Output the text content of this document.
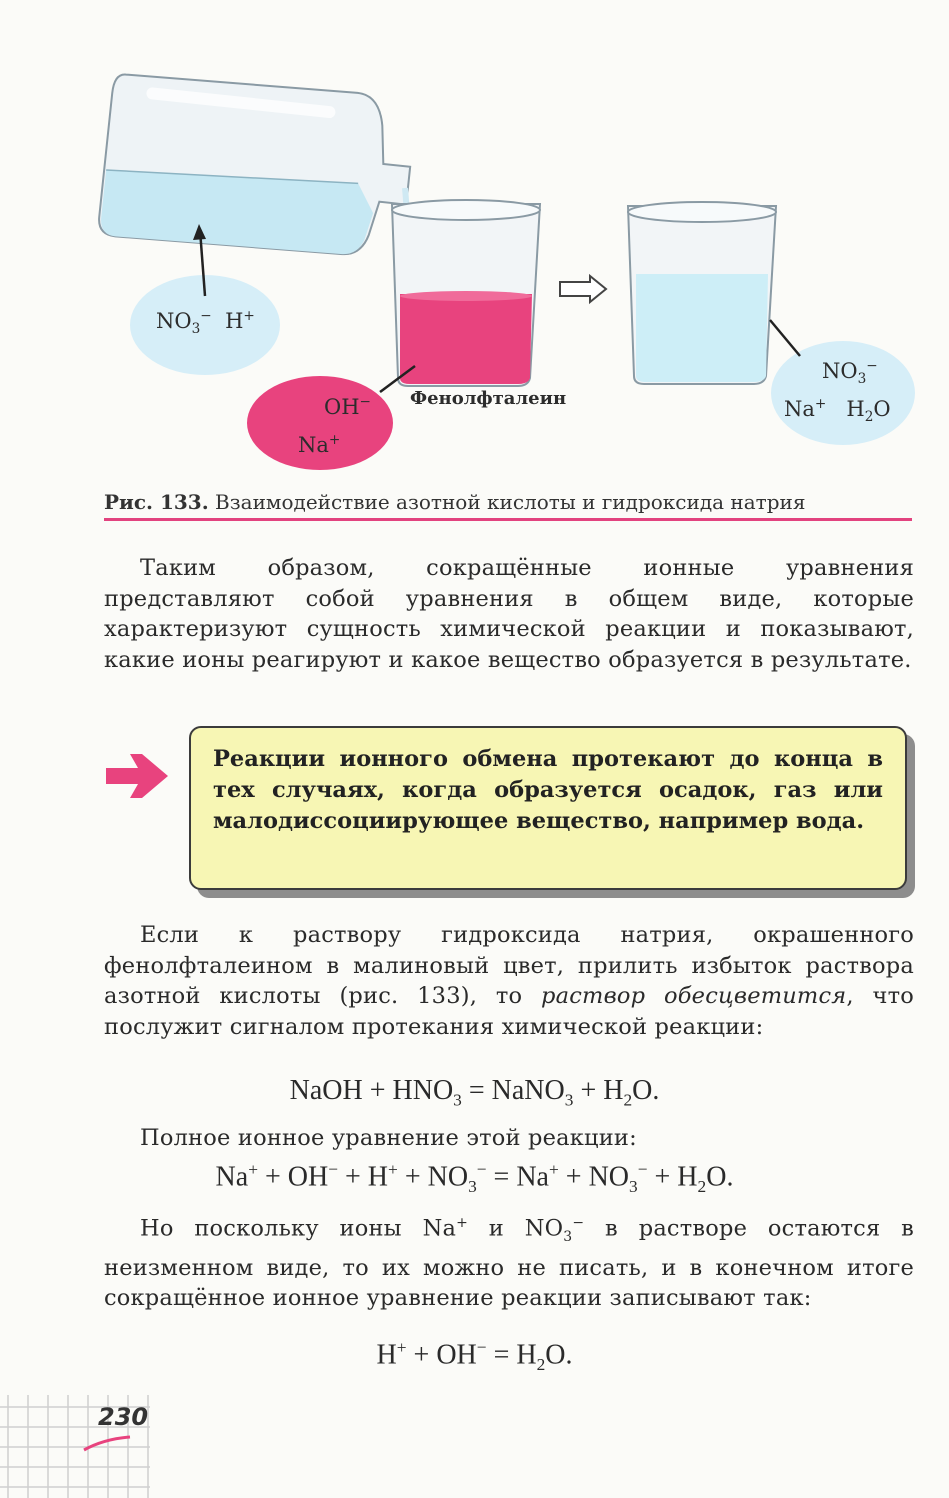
$NO_3^-$ H+
OH−
Na+
Фенолфталеин
$NO_3^-$
Na+ $H_2O$
Рис. 133. Взаимодействие азотной кислоты и гидроксида натрия
Таким образом, сокращённые ионные уравнения представляют собой уравнения в общем виде, которые характеризуют сущность химической реакции и показывают, какие ионы реагируют и какое вещество образуется в результате.
Реакции ионного обмена протекают до конца в тех случаях, когда образуется осадок, газ или малодиссоциирующее вещество, например вода.
Если к раствору гидроксида натрия, окрашенного фенолфталеином в малиновый цвет, прилить избыток раствора азотной кислоты (рис. 133), то раствор обесцветится, что послужит сигналом протекания химической реакции:
NaOH + $HNO_3$ = NaNO$_3$ + $H_2O$.
Полное ионное уравнение этой реакции:
$Na^+ + OH^- + H^+ + NO_3^- = Na^+ + NO_3^- + H_2O$.
Но поскольку ионы Na+ и $NO_3^-$ в растворе остаются в неизменном виде, то их можно не писать, и в конечном итоге сокращённое ионное уравнение реакции записывают так:
$H^+ + OH^- = H_2O$.
230
